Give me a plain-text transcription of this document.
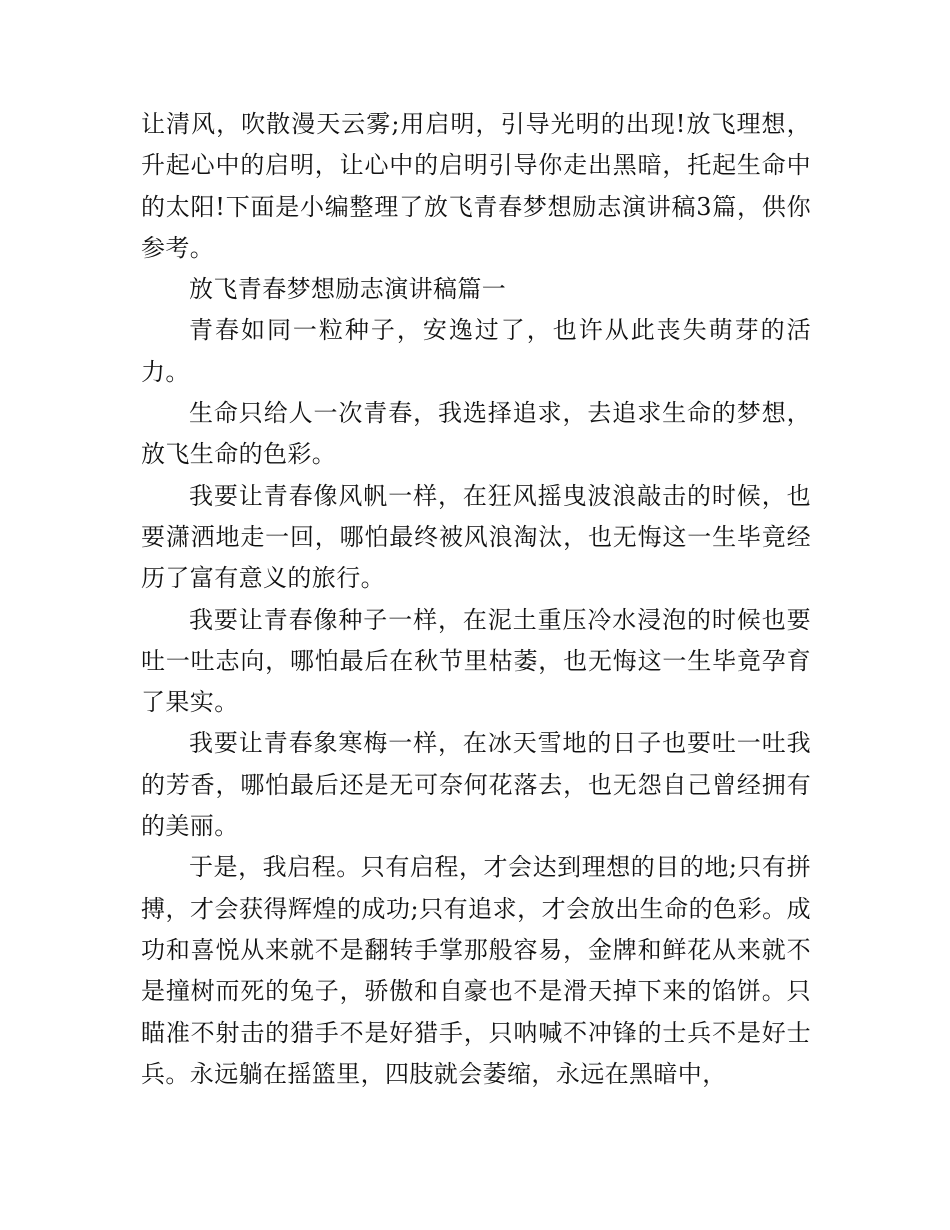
让清风，吹散漫天云雾;用启明，引导光明的出现!放飞理想，升起心中的启明，让心中的启明引导你走出黑暗，托起生命中的太阳!下面是小编整理了放飞青春梦想励志演讲稿3篇，供你参考。

放飞青春梦想励志演讲稿篇一

青春如同一粒种子，安逸过了，也许从此丧失萌芽的活力。

生命只给人一次青春，我选择追求，去追求生命的梦想，放飞生命的色彩。

我要让青春像风帆一样，在狂风摇曳波浪敲击的时候，也要潇洒地走一回，哪怕最终被风浪淘汰，也无悔这一生毕竟经历了富有意义的旅行。

我要让青春像种子一样，在泥土重压冷水浸泡的时候也要吐一吐志向，哪怕最后在秋节里枯萎，也无悔这一生毕竟孕育了果实。

我要让青春象寒梅一样，在冰天雪地的日子也要吐一吐我的芳香，哪怕最后还是无可奈何花落去，也无怨自己曾经拥有的美丽。

于是，我启程。只有启程，才会达到理想的目的地;只有拼搏，才会获得辉煌的成功;只有追求，才会放出生命的色彩。成功和喜悦从来就不是翻转手掌那般容易，金牌和鲜花从来就不是撞树而死的兔子，骄傲和自豪也不是滑天掉下来的馅饼。只瞄准不射击的猎手不是好猎手，只呐喊不冲锋的士兵不是好士兵。永远躺在摇篮里，四肢就会萎缩，永远在黑暗中，
